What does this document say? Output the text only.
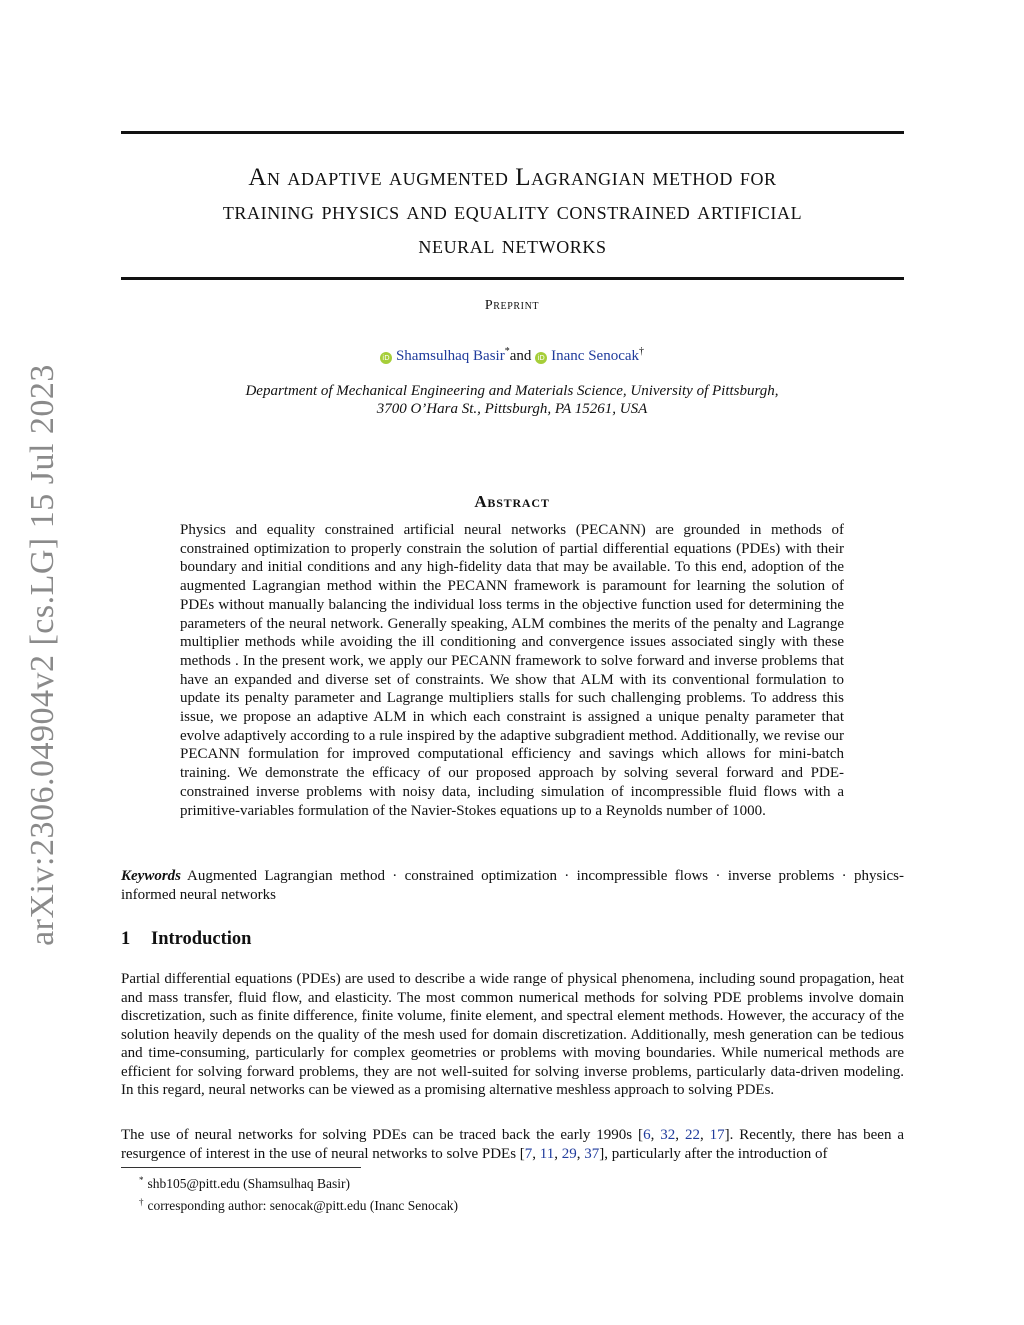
arXiv:2306.04904v2 [cs.LG] 15 Jul 2023
An adaptive augmented Lagrangian method for
training physics and equality constrained artificial
neural networks
Preprint
iD Shamsulhaq Basir*and iD Inanc Senocak†
Department of Mechanical Engineering and Materials Science, University of Pittsburgh,
3700 O’Hara St., Pittsburgh, PA 15261, USA
Abstract

Physics and equality constrained artificial neural networks (PECANN) are grounded in methods of constrained optimization to properly constrain the solution of partial differential equations (PDEs) with their boundary and initial conditions and any high-fidelity data that may be available. To this end, adoption of the augmented Lagrangian method within the PECANN framework is paramount for learning the solution of PDEs without manually balancing the individual loss terms in the objective function used for determining the parameters of the neural network. Generally speaking, ALM combines the merits of the penalty and Lagrange multiplier methods while avoiding the ill conditioning and convergence issues associated singly with these methods . In the present work, we apply our PECANN framework to solve forward and inverse problems that have an expanded and diverse set of constraints. We show that ALM with its conventional formulation to update its penalty parameter and Lagrange multipliers stalls for such challenging problems. To address this issue, we propose an adaptive ALM in which each constraint is assigned a unique penalty parameter that evolve adaptively according to a rule inspired by the adaptive subgradient method. Additionally, we revise our PECANN formulation for improved computational efficiency and savings which allows for mini-batch training. We demonstrate the efficacy of our proposed approach by solving several forward and PDE-constrained inverse problems with noisy data, including simulation of incompressible fluid flows with a primitive-variables formulation of the Navier-Stokes equations up to a Reynolds number of 1000.

Keywords Augmented Lagrangian method · constrained optimization · incompressible flows · inverse problems · physics-informed neural networks
1 Introduction

Partial differential equations (PDEs) are used to describe a wide range of physical phenomena, including sound propagation, heat and mass transfer, fluid flow, and elasticity. The most common numerical methods for solving PDE problems involve domain discretization, such as finite difference, finite volume, finite element, and spectral element methods. However, the accuracy of the solution heavily depends on the quality of the mesh used for domain discretization. Additionally, mesh generation can be tedious and time-consuming, particularly for complex geometries or problems with moving boundaries. While numerical methods are efficient for solving forward problems, they are not well-suited for solving inverse problems, particularly data-driven modeling. In this regard, neural networks can be viewed as a promising alternative meshless approach to solving PDEs.

The use of neural networks for solving PDEs can be traced back the early 1990s [6, 32, 22, 17]. Recently, there has been a resurgence of interest in the use of neural networks to solve PDEs [7, 11, 29, 37], particularly after the introduction of

* shb105@pitt.edu (Shamsulhaq Basir)
† corresponding author: senocak@pitt.edu (Inanc Senocak)
